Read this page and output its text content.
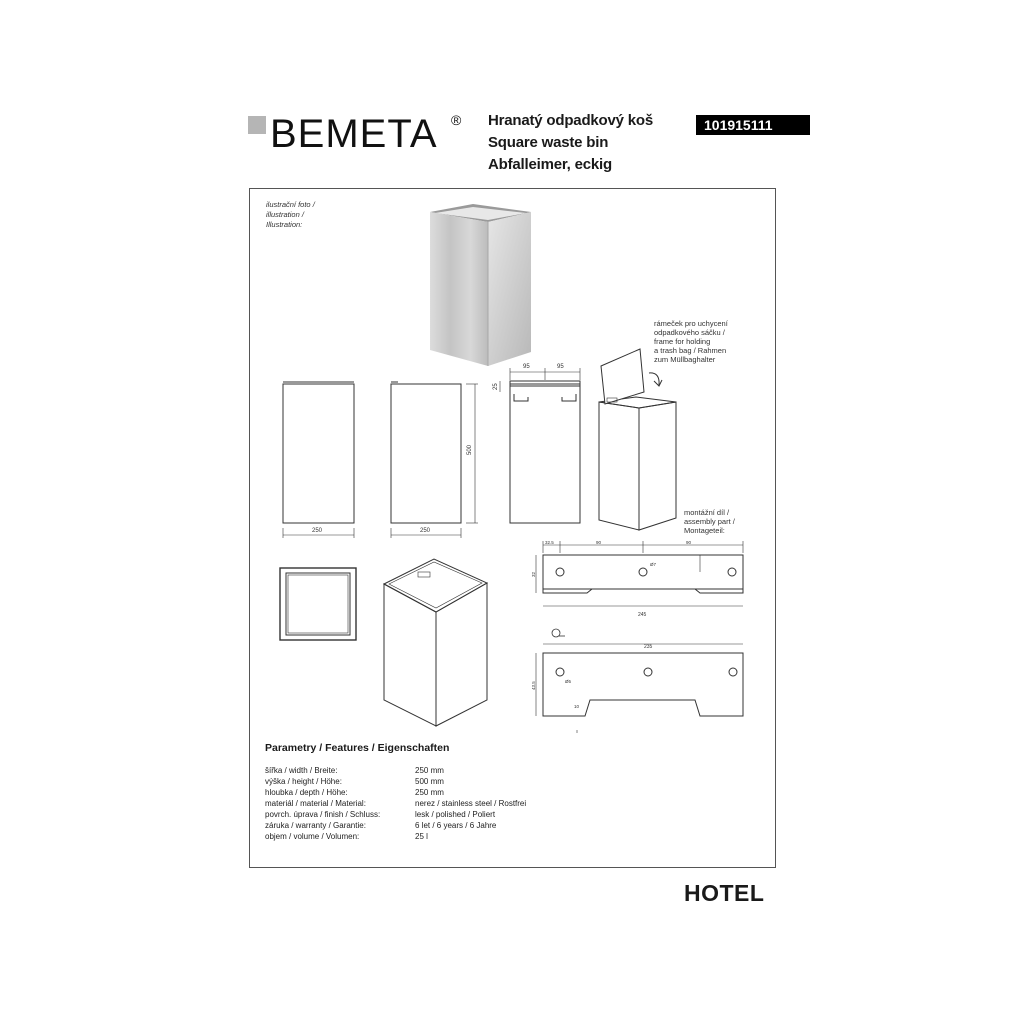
BEMETA ® Hranatý odpadkový koš
Square waste bin
Abfalleimer, eckig
101915111
ilustrační foto /
illustration /
Illustration:
250	250
500
95	95
25
32.5	90	90
32
Ø7
245
235
43.5	Ø5
10
rámeček pro uchycení
odpadkového sáčku /
frame for holding
a trash bag / Rahmen
zum Müllbaghalter
montážní díl /
assembly part /
Montageteil:
Parametry / Features / Eigenschaften
šířka / width / Breite:	250 mm
výška / height / Höhe:	500 mm
hloubka / depth / Höhe:	250 mm
materiál / material / Material:	nerez / stainless steel / Rostfrei
povrch. úprava / finish / Schluss:	lesk / polished / Poliert
záruka / warranty / Garantie:	6 let / 6 years / 6 Jahre
objem / volume / Volumen:	25 l
HOTEL
